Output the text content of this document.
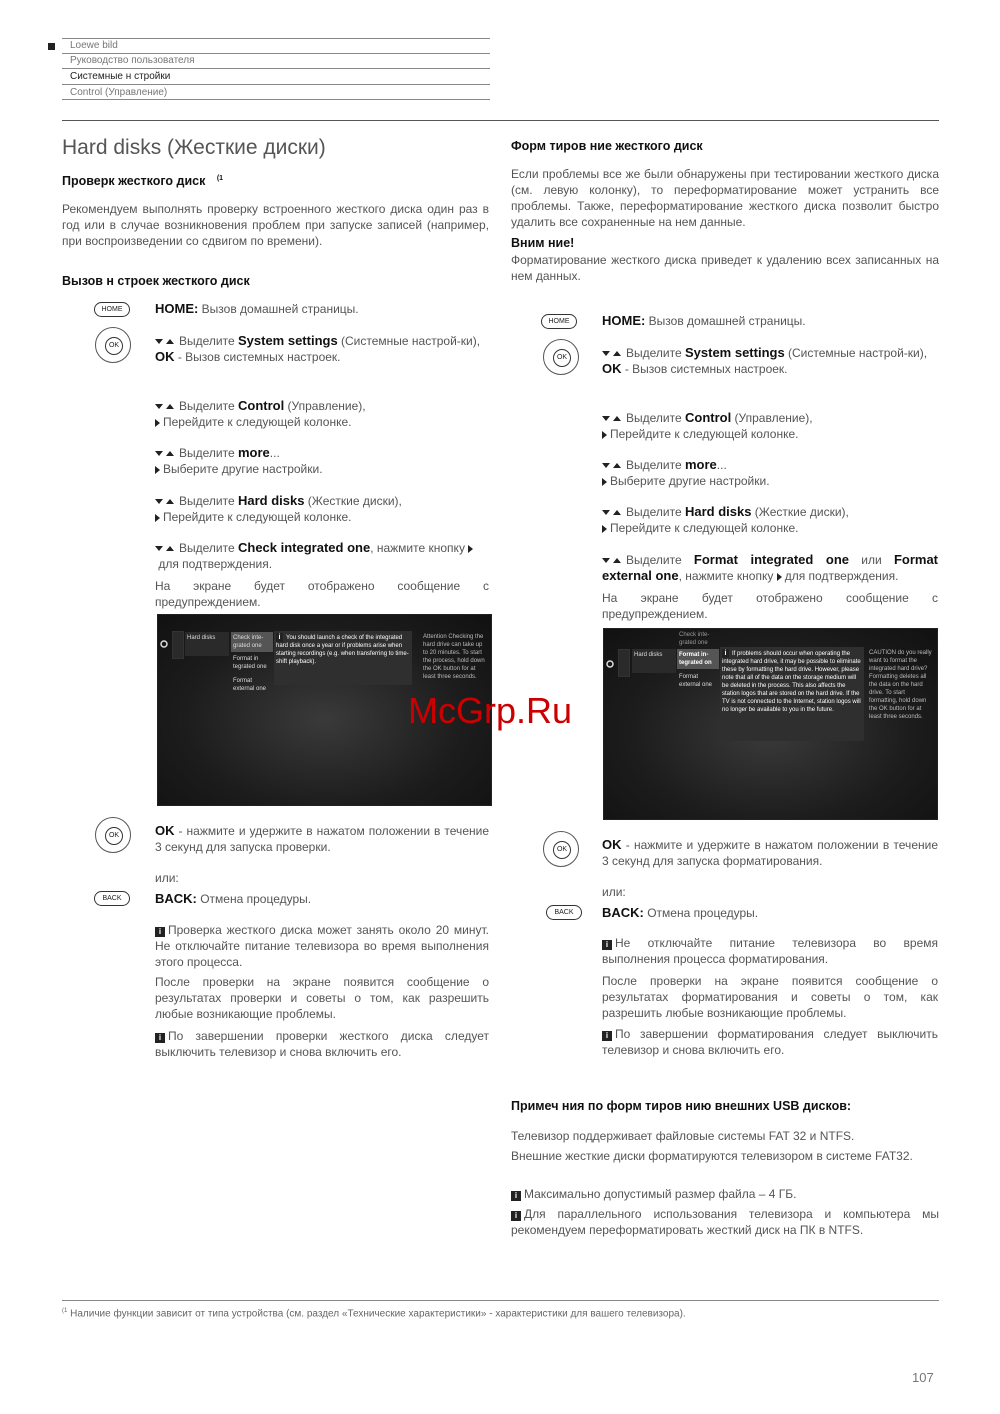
Loewe bild
Руководство пользователя
Системные н стройки
Control (Управление)
Hard disks (Жесткие диски)
Проверк жесткого диск $^{(1}$
Рекомендуем выполнять проверку встроенного жесткого диска один раз в год или в случае возникновения проблем при запуске записей (например, при воспроизведении со сдвигом по времени).
Вызов н строек жесткого диск
HOME	HOME: Вызов домашней страницы.
OK	Выделите System settings (Системные настрой-ки),
OK - Вызов системных настроек.
Выделите Control (Управление),
Перейдите к следующей колонке.
Выделите more...
Выберите другие настройки.
Выделите Hard disks (Жесткие диски),
Перейдите к следующей колонке.
Выделите Check integrated one, нажмите кнопку
для подтверждения.
На экране будет отображено сообщение с предупреждением.
Hard disks	Check inte-grated one
Format in tegrated one
Format external one
i You should launch a check of the integrated hard disk once a year or if problems arise when starting recordings (e.g. when transferring to time-shift playback).
Attention Checking the hard drive can take up to 20 minutes. To start the process, hold down the OK button for at least three seconds.
OK	OK - нажмите и удержите в нажатом положении в течение 3 секунд для запуска проверки.
или:
BACK	BACK: Отмена процедуры.
i Проверка жесткого диска может занять около 20 минут. Не отключайте питание телевизора во время выполнения этого процесса.
После проверки на экране появится сообщение о результатах проверки и советы о том, как разрешить любые возникающие проблемы.
i По завершении проверки жесткого диска следует выключить телевизор и снова включить его.
Форм тиров ние жесткого диск
Если проблемы все же были обнаружены при тестировании жесткого диска (см. левую колонку), то переформатирование может устранить все проблемы. Также, переформатирование жесткого диска позволит быстро удалить все сохраненные на нем данные.
Вним ние!
Форматирование жесткого диска приведет к удалению всех записанных на нем данных.
HOME	HOME: Вызов домашней страницы.
OK	Выделите System settings (Системные настрой-ки),
OK - Вызов системных настроек.
Выделите Control (Управление),
Перейдите к следующей колонке.
Выделите more...
Выберите другие настройки.
Выделите Hard disks (Жесткие диски),
Перейдите к следующей колонке.
Выделите Format integrated one или Format external one, нажмите кнопку для подтверждения.
На экране будет отображено сообщение с предупреждением.
Hard disks
Check inte-grated one
Format in-tegrated on
Format external one
i If problems should occur when operating the integrated hard drive, it may be possible to eliminate these by formatting the hard drive. However, please note that all of the data on the storage medium will be deleted in the process. This also affects the station logos that are stored on the hard drive. If the TV is not connected to the Internet, station logos will no longer be available to you in the future.
CAUTION do you really want to format the integrated hard drive? Formatting deletes all the data on the hard drive. To start formatting, hold down the OK button for at least three seconds.
OK	OK - нажмите и удержите в нажатом положении в течение 3 секунд для запуска форматирования.
или:
BACK	BACK: Отмена процедуры.
i Не отключайте питание телевизора во время выполнения процесса форматирования.
После проверки на экране появится сообщение о результатах форматирования и советы о том, как разрешить любые возникающие проблемы.
i По завершении форматирования следует выключить телевизор и снова включить его.
Примеч ния по форм тиров нию внешних USB дисков:
Телевизор поддерживает файловые системы FAT 32 и NTFS.
Внешние жесткие диски форматируются телевизором в системе FAT32.
i Максимально допустимый размер файла – 4 ГБ.
i Для параллельного использования телевизора и компьютера мы рекомендуем переформатировать жесткий диск на ПК в NTFS.
$^{(1}$ Наличие функции зависит от типа устройства (см. раздел «Технические характеристики» - характеристики для вашего телевизора).
107
McGrp.Ru
